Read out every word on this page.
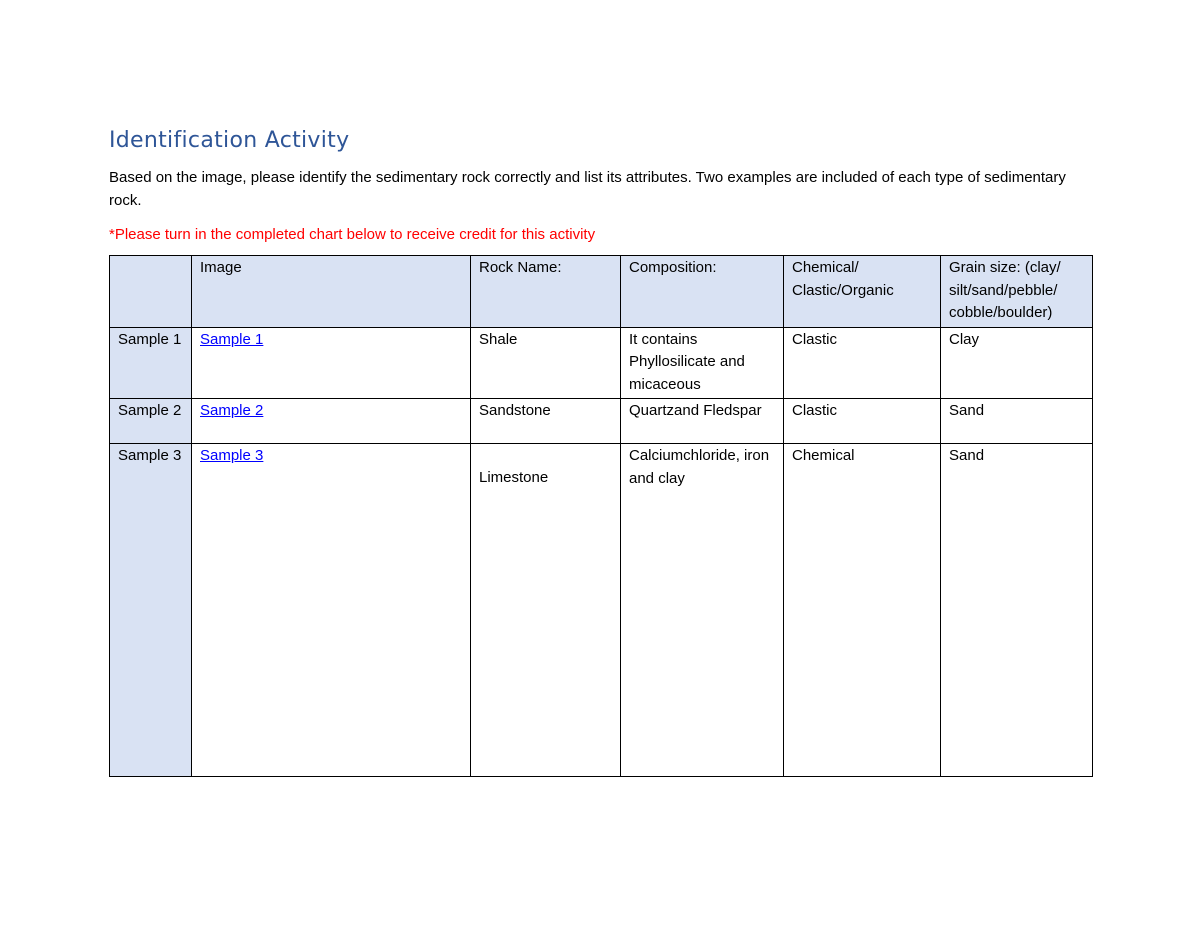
Identification Activity
Based on the image, please identify the sedimentary rock correctly and list its attributes. Two examples are included of each type of sedimentary rock.
*Please turn in the completed chart below to receive credit for this activity
	Image	Rock Name:	Composition:	Chemical/ Clastic/Organic	Grain size: (clay/ silt/sand/pebble/ cobble/boulder)
Sample 1	Sample 1	Shale	It contains Phyllosilicate and micaceous	Clastic	Clay
Sample 2	Sample 2	Sandstone	Quartzand Fledspar	Clastic	Sand
Sample 3	Sample 3	Limestone	Calciumchloride, iron and clay	Chemical	Sand
